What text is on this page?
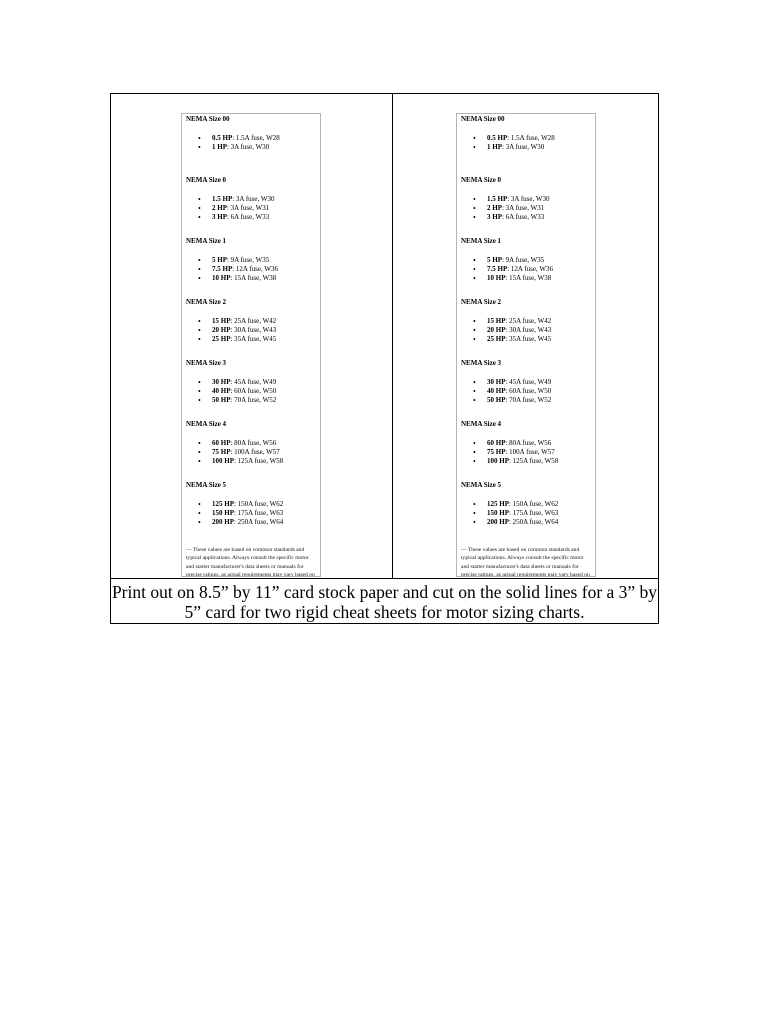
NEMA Size 00
• 0.5 HP: 1.5A fuse, W28
• 1 HP: 3A fuse, W30
NEMA Size 0
• 1.5 HP: 3A fuse, W30
• 2 HP: 3A fuse, W31
• 3 HP: 6A fuse, W33
NEMA Size 1
• 5 HP: 9A fuse, W35
• 7.5 HP: 12A fuse, W36
• 10 HP: 15A fuse, W38
NEMA Size 2
• 15 HP: 25A fuse, W42
• 20 HP: 30A fuse, W43
• 25 HP: 35A fuse, W45
NEMA Size 3
• 30 HP: 45A fuse, W49
• 40 HP: 60A fuse, W50
• 50 HP: 70A fuse, W52
NEMA Size 4
• 60 HP: 80A fuse, W56
• 75 HP: 100A fuse, W57
• 100 HP: 125A fuse, W58
NEMA Size 5
• 125 HP: 150A fuse, W62
• 150 HP: 175A fuse, W63
• 200 HP: 250A fuse, W64
— These values are based on common standards and typical applications. Always consult the specific motor and starter manufacturer's data sheets or manuals for precise ratings, as actual requirements may vary based on
NEMA Size 00
• 0.5 HP: 1.5A fuse, W28
• 1 HP: 3A fuse, W30
NEMA Size 0
• 1.5 HP: 3A fuse, W30
• 2 HP: 3A fuse, W31
• 3 HP: 6A fuse, W33
NEMA Size 1
• 5 HP: 9A fuse, W35
• 7.5 HP: 12A fuse, W36
• 10 HP: 15A fuse, W38
NEMA Size 2
• 15 HP: 25A fuse, W42
• 20 HP: 30A fuse, W43
• 25 HP: 35A fuse, W45
NEMA Size 3
• 30 HP: 45A fuse, W49
• 40 HP: 60A fuse, W50
• 50 HP: 70A fuse, W52
NEMA Size 4
• 60 HP: 80A fuse, W56
• 75 HP: 100A fuse, W57
• 100 HP: 125A fuse, W58
NEMA Size 5
• 125 HP: 150A fuse, W62
• 150 HP: 175A fuse, W63
• 200 HP: 250A fuse, W64
— These values are based on common standards and typical applications. Always consult the specific motor and starter manufacturer's data sheets or manuals for precise ratings, as actual requirements may vary based on
Print out on 8.5” by 11” card stock paper and cut on the solid lines for a 3” by 5” card for two rigid cheat sheets for motor sizing charts.
